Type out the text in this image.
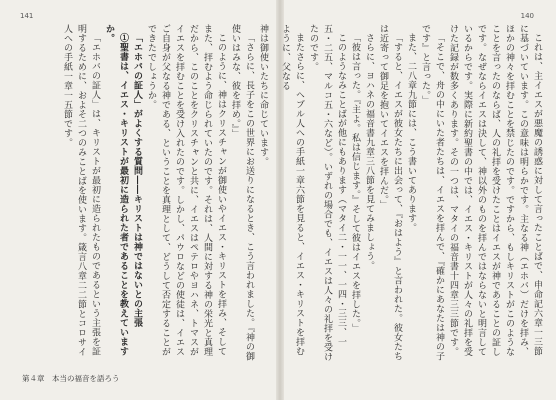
141

神は御使いたちに命じています。

「さらに、長子をこの世界にお送りになるとき、こう言われました。『神の御使いはみな、彼を拝め。』」

このように、神はクリスチャンが御使いやイエス・キリストを拝み、そしてまた、拝むよう命じられていたのです。それは、人間に対する神の栄光と真理だから、このことをクリスチャンと共に、イエスはペテロやヨハネ、トマスがイエスを拝むことを受け入れたのです。しかし、パウロなどの使徒は、イエスご自身が父なる神である、ということを真理として、どうして否定することができたでしょうか。

「エホバの証人」がよくする質問――キリストは神ではないとの主張

①聖書は、イエス・キリストが最初に造られた者であることを教えていますか。

「エホバの証人」は、キリストが最初に造られたものであるという主張を証明するために、およそ二つのみことばを使います。箴言八章二二節とコロサイ人への手紙一章一五節です。

第４章　本当の福音を語ろう
140

これは、主イエスが悪魔の誘惑に対して言ったことばで、申命記六章一三節に基づいています。この意味は明らかです。主なる神（エホバ）だけを拝み、ほかの神々を拝むことを禁じたのです。ですから、もしキリストがこのようなことを言ったのならば、人の礼拝を受けたことはイエスが神であることの証しです。なぜならイエスは決して、神以外のものを拝んではならないと明言しているからです。実際に新約聖書の中では、イエス・キリストが人々の礼拝を受けた記録が数多くあります。その一つは、マタイの福音書十四章三三節です。

「そこで、舟の中にいた者たちは、イエスを拝んで、『確かにあなたは神の子です』と言った。」

また、二八章九節には、こう書いてあります。

「すると、イエスが彼女たちに出会って、『おはよう』と言われた。彼女たちは近寄って御足を抱いてイエスを拝んだ。」

さらに、ヨハネの福音書九章三八節を見てみましょう。

「彼は言った。『主よ。私は信じます。』そして彼はイエスを拝した。」

このようなみことばが他にもあります（マタイ二・一一、一四・三三、一五・二五、マルコ五・六など）。いずれの場合でも、イエスは人々の礼拝を受けたのです。

またさらに、ヘブル人への手紙一章六節を見ると、イエス・キリストを拝むように、父なる
